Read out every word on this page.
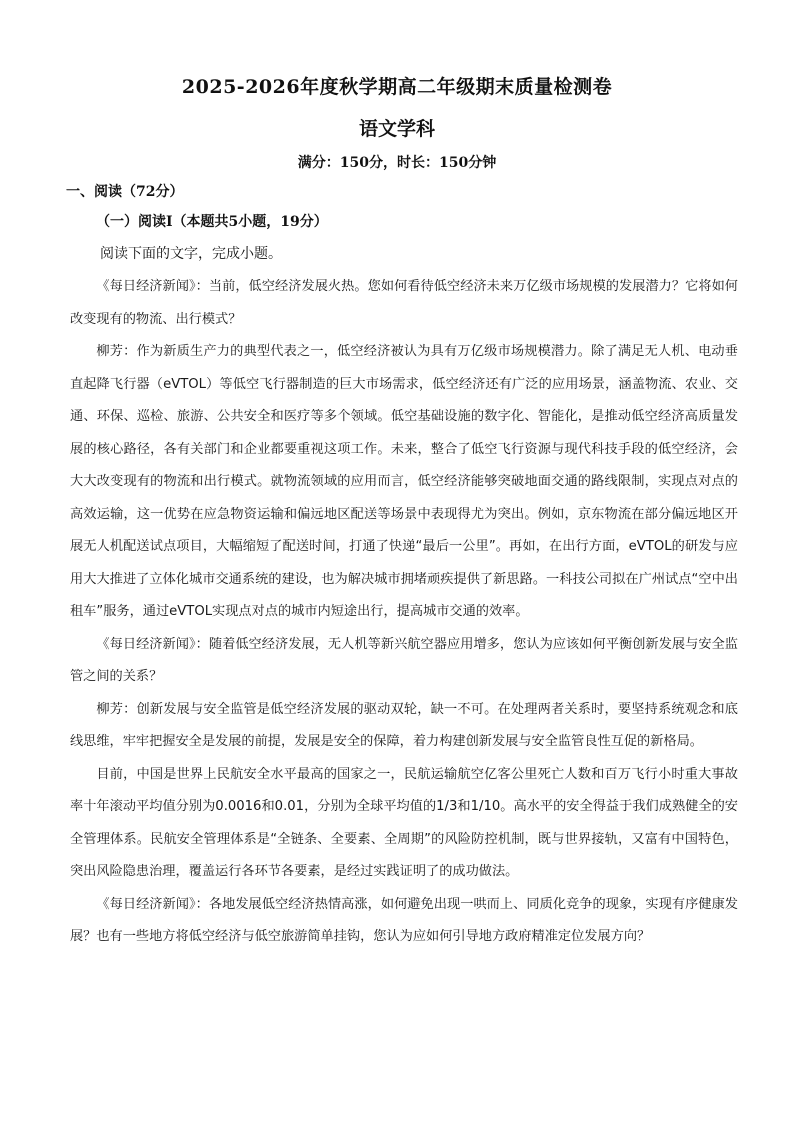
2025-2026年度秋学期高二年级期末质量检测卷
语文学科
满分：150分，时长：150分钟
一、阅读（72分）
（一）阅读Ⅰ（本题共5小题，19分）
阅读下面的文字，完成小题。

《每日经济新闻》：当前，低空经济发展火热。您如何看待低空经济未来万亿级市场规模的发展潜力？它将如何改变现有的物流、出行模式？

柳芳：作为新质生产力的典型代表之一，低空经济被认为具有万亿级市场规模潜力。除了满足无人机、电动垂直起降飞行器（eVTOL）等低空飞行器制造的巨大市场需求，低空经济还有广泛的应用场景，涵盖物流、农业、交通、环保、巡检、旅游、公共安全和医疗等多个领域。低空基础设施的数字化、智能化，是推动低空经济高质量发展的核心路径，各有关部门和企业都要重视这项工作。未来，整合了低空飞行资源与现代科技手段的低空经济，会大大改变现有的物流和出行模式。就物流领域的应用而言，低空经济能够突破地面交通的路线限制，实现点对点的高效运输，这一优势在应急物资运输和偏远地区配送等场景中表现得尤为突出。例如，京东物流在部分偏远地区开展无人机配送试点项目，大幅缩短了配送时间，打通了快递“最后一公里”。再如，在出行方面，eVTOL的研发与应用大大推进了立体化城市交通系统的建设，也为解决城市拥堵顽疾提供了新思路。一科技公司拟在广州试点“空中出租车”服务，通过eVTOL实现点对点的城市内短途出行，提高城市交通的效率。

《每日经济新闻》：随着低空经济发展，无人机等新兴航空器应用增多，您认为应该如何平衡创新发展与安全监管之间的关系？

柳芳：创新发展与安全监管是低空经济发展的驱动双轮，缺一不可。在处理两者关系时，要坚持系统观念和底线思维，牢牢把握安全是发展的前提，发展是安全的保障，着力构建创新发展与安全监管良性互促的新格局。

目前，中国是世界上民航安全水平最高的国家之一，民航运输航空亿客公里死亡人数和百万飞行小时重大事故率十年滚动平均值分别为0.0016和0.01，分别为全球平均值的1/3和1/10。高水平的安全得益于我们成熟健全的安全管理体系。民航安全管理体系是“全链条、全要素、全周期”的风险防控机制，既与世界接轨，又富有中国特色，突出风险隐患治理，覆盖运行各环节各要素，是经过实践证明了的成功做法。

《每日经济新闻》：各地发展低空经济热情高涨，如何避免出现一哄而上、同质化竞争的现象，实现有序健康发展？也有一些地方将低空经济与低空旅游简单挂钩，您认为应如何引导地方政府精准定位发展方向？
